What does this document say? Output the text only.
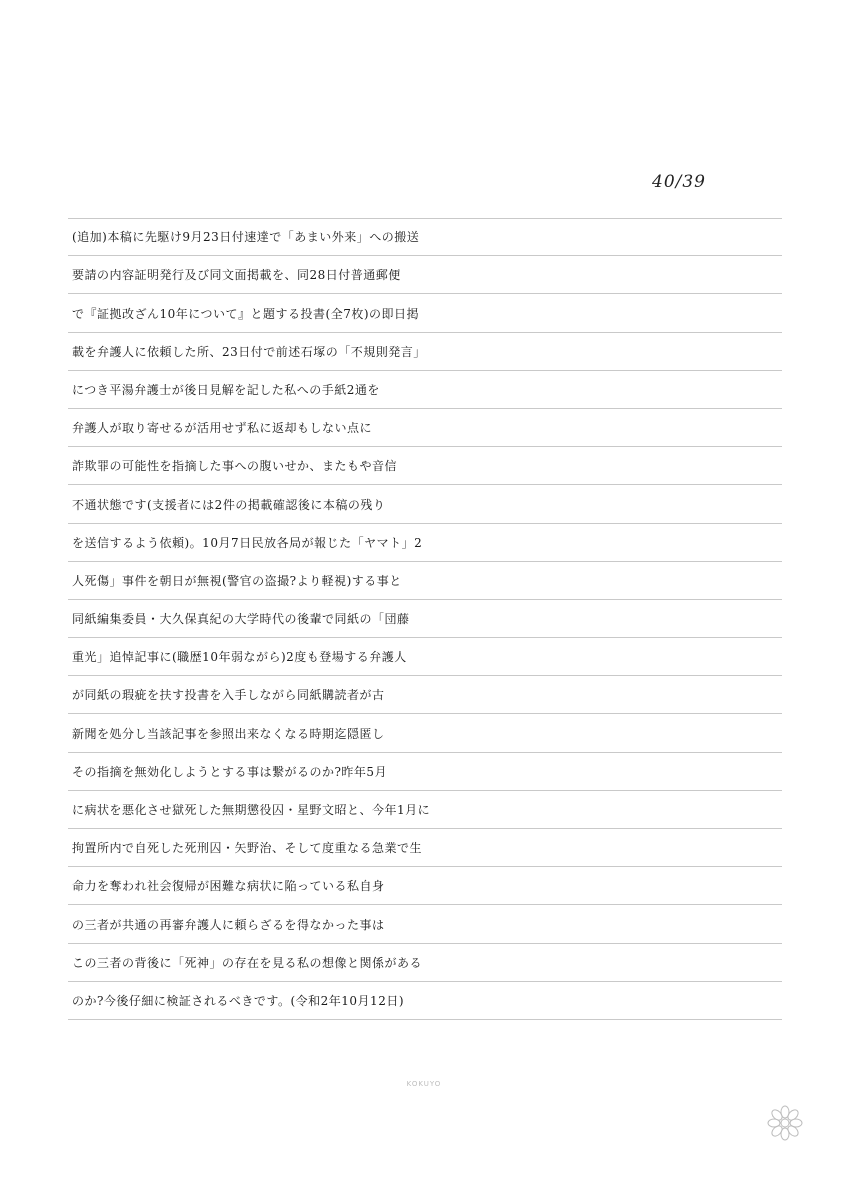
40/39
(追加)本稿に先駆け9月23日付速達で「あまい外来」への搬送
要請の内容証明発行及び同文面掲載を、同28日付普通郵便
で『証拠改ざん10年について』と題する投書(全7枚)の即日掲
載を弁護人に依頼した所、23日付で前述石塚の「不規則発言」
につき平湯弁護士が後日見解を記した私への手紙2通を
弁護人が取り寄せるが活用せず私に返却もしない点に
詐欺罪の可能性を指摘した事への腹いせか、またもや音信
不通状態です(支援者には2件の掲載確認後に本稿の残り
を送信するよう依頼)。10月7日民放各局が報じた「ヤマト」2
人死傷」事件を朝日が無視(警官の盗撮?より軽視)する事と
同紙編集委員・大久保真紀の大学時代の後輩で同紙の「団藤
重光」追悼記事に(職歴10年弱ながら)2度も登場する弁護人
が同紙の瑕疵を扶す投書を入手しながら同紙購読者が古
新聞を処分し当該記事を参照出来なくなる時期迄隠匿し
その指摘を無効化しようとする事は繋がるのか?昨年5月
に病状を悪化させ獄死した無期懲役囚・星野文昭と、今年1月に
拘置所内で自死した死刑囚・矢野治、そして度重なる急業で生
命力を奪われ社会復帰が困難な病状に陥っている私自身
の三者が共通の再審弁護人に頼らざるを得なかった事は
この三者の背後に「死神」の存在を見る私の想像と関係がある
のか?今後仔細に検証されるべきです。(令和2年10月12日)
KOKUYO
